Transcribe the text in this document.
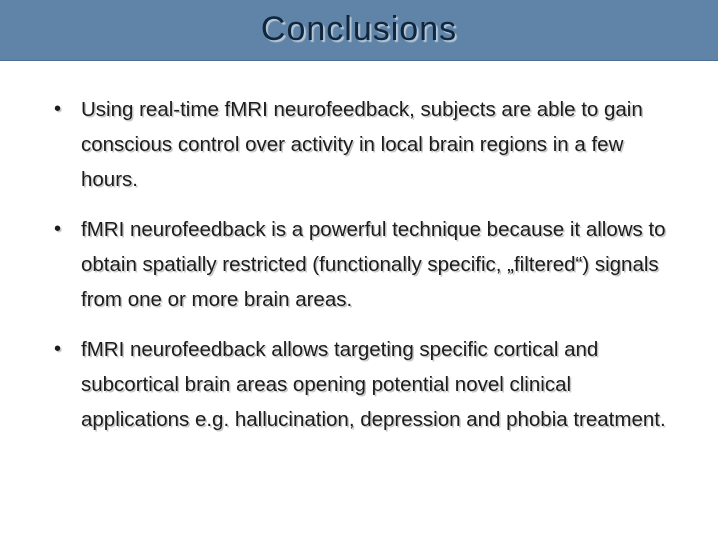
Conclusions
• Using real-time fMRI neurofeedback, subjects are able to gain conscious control over activity in local brain regions in a few hours.
• fMRI neurofeedback is a powerful technique because it allows to obtain spatially restricted (functionally specific, „filtered“) signals from one or more brain areas.
• fMRI neurofeedback allows targeting specific cortical and subcortical brain areas opening potential novel clinical applications e.g. hallucination, depression and phobia treatment.
